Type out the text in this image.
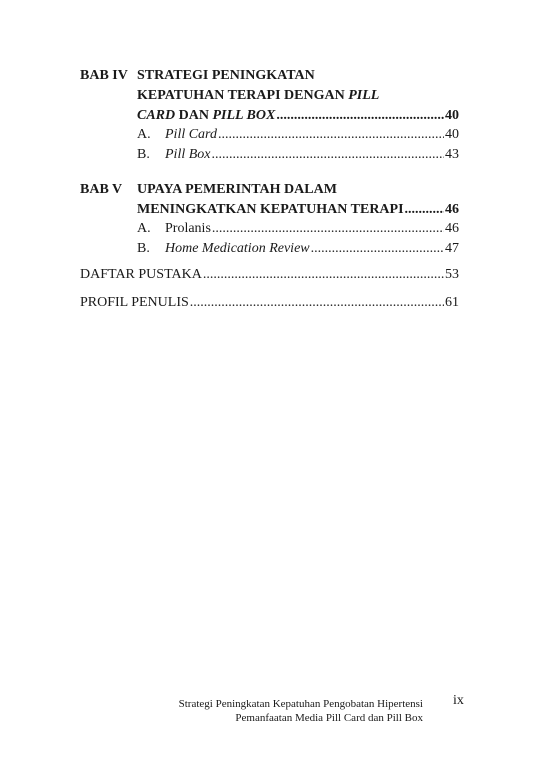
BAB IV STRATEGI PENINGKATAN
KEPATUHAN TERAPI DENGAN PILL
CARD DAN PILL BOX .....	40
A.	Pill Card .....	40
B.	Pill Box .....	43
BAB V UPAYA PEMERINTAH DALAM
MENINGKATKAN KEPATUHAN TERAPI .....	46
A.	Prolanis .....	46
B.	Home Medication Review .....	47
DAFTAR PUSTAKA .....	53
PROFIL PENULIS .....	61
Strategi Peningkatan Kepatuhan Pengobatan Hipertensi
Pemanfaatan Media Pill Card dan Pill Box
ix
